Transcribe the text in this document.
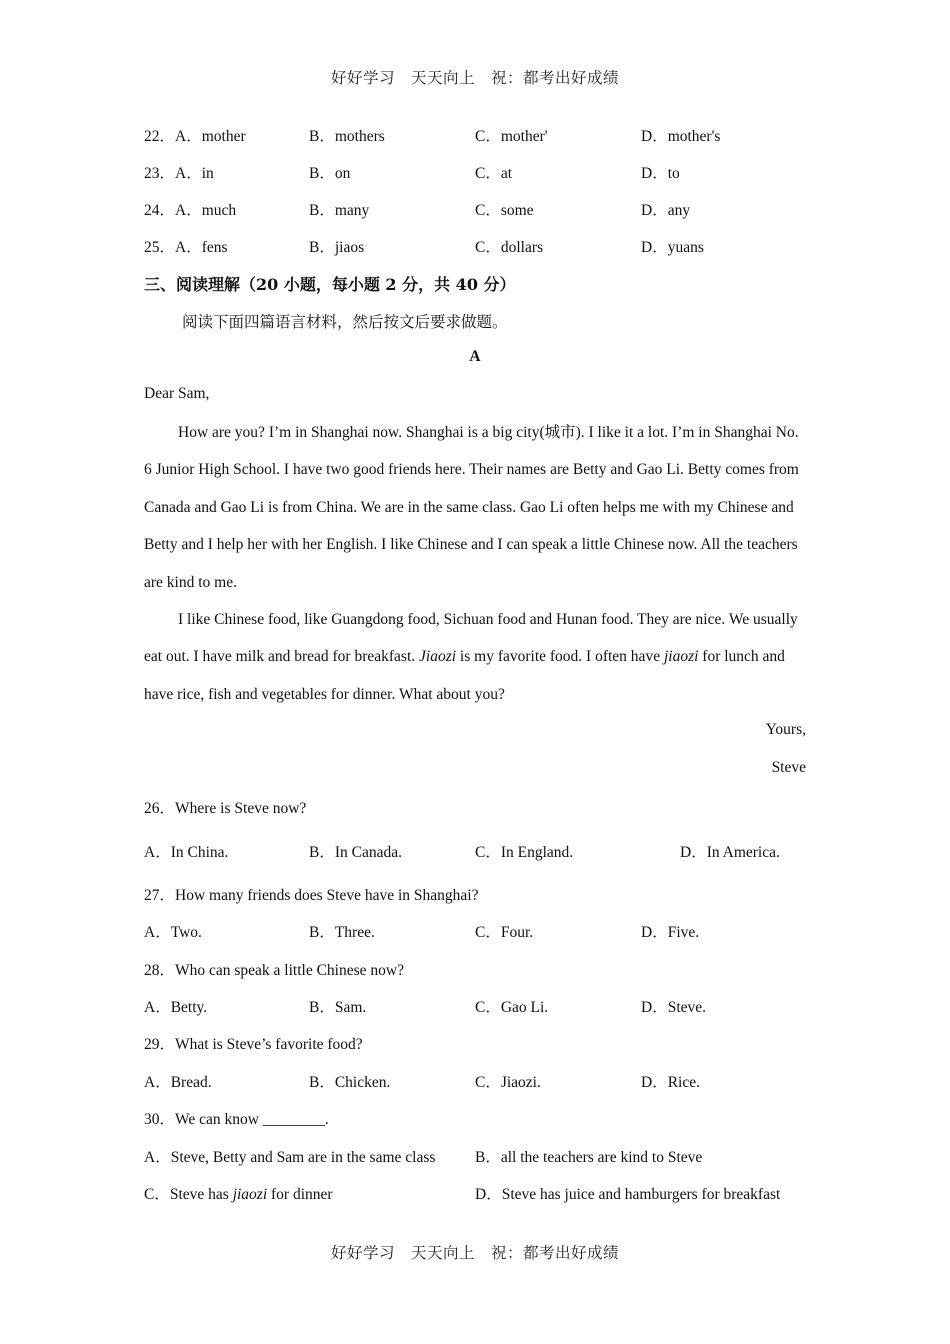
好好学习　天天向上　祝：都考出好成绩
22．A．mother	B．mothers	C．mother'	D．mother's
23．A．in	B．on	C．at	D．to
24．A．much	B．many	C．some	D．any
25．A．fens	B．jiaos	C．dollars	D．yuans
三、阅读理解（20 小题，每小题 2 分，共 40 分）
阅读下面四篇语言材料，然后按文后要求做题。
A
Dear Sam,
How are you? I’m in Shanghai now. Shanghai is a big city(城市). I like it a lot. I’m in Shanghai No. 6 Junior High School. I have two good friends here. Their names are Betty and Gao Li. Betty comes from Canada and Gao Li is from China. We are in the same class. Gao Li often helps me with my Chinese and Betty and I help her with her English. I like Chinese and I can speak a little Chinese now. All the teachers are kind to me.
I like Chinese food, like Guangdong food, Sichuan food and Hunan food. They are nice. We usually eat out. I have milk and bread for breakfast. Jiaozi is my favorite food. I often have jiaozi for lunch and have rice, fish and vegetables for dinner. What about you?
Yours,
Steve
26．Where is Steve now?
A．In China.	B．In Canada.	C．In England.	D．In America.
27．How many friends does Steve have in Shanghai?
A．Two.	B．Three.	C．Four.	D．Five.
28．Who can speak a little Chinese now?
A．Betty.	B．Sam.	C．Gao Li.	D．Steve.
29．What is Steve’s favorite food?
A．Bread.	B．Chicken.	C．Jiaozi.	D．Rice.
30．We can know ________.
A．Steve, Betty and Sam are in the same class	B．all the teachers are kind to Steve
C．Steve has jiaozi for dinner	D．Steve has juice and hamburgers for breakfast
好好学习　天天向上　祝：都考出好成绩
